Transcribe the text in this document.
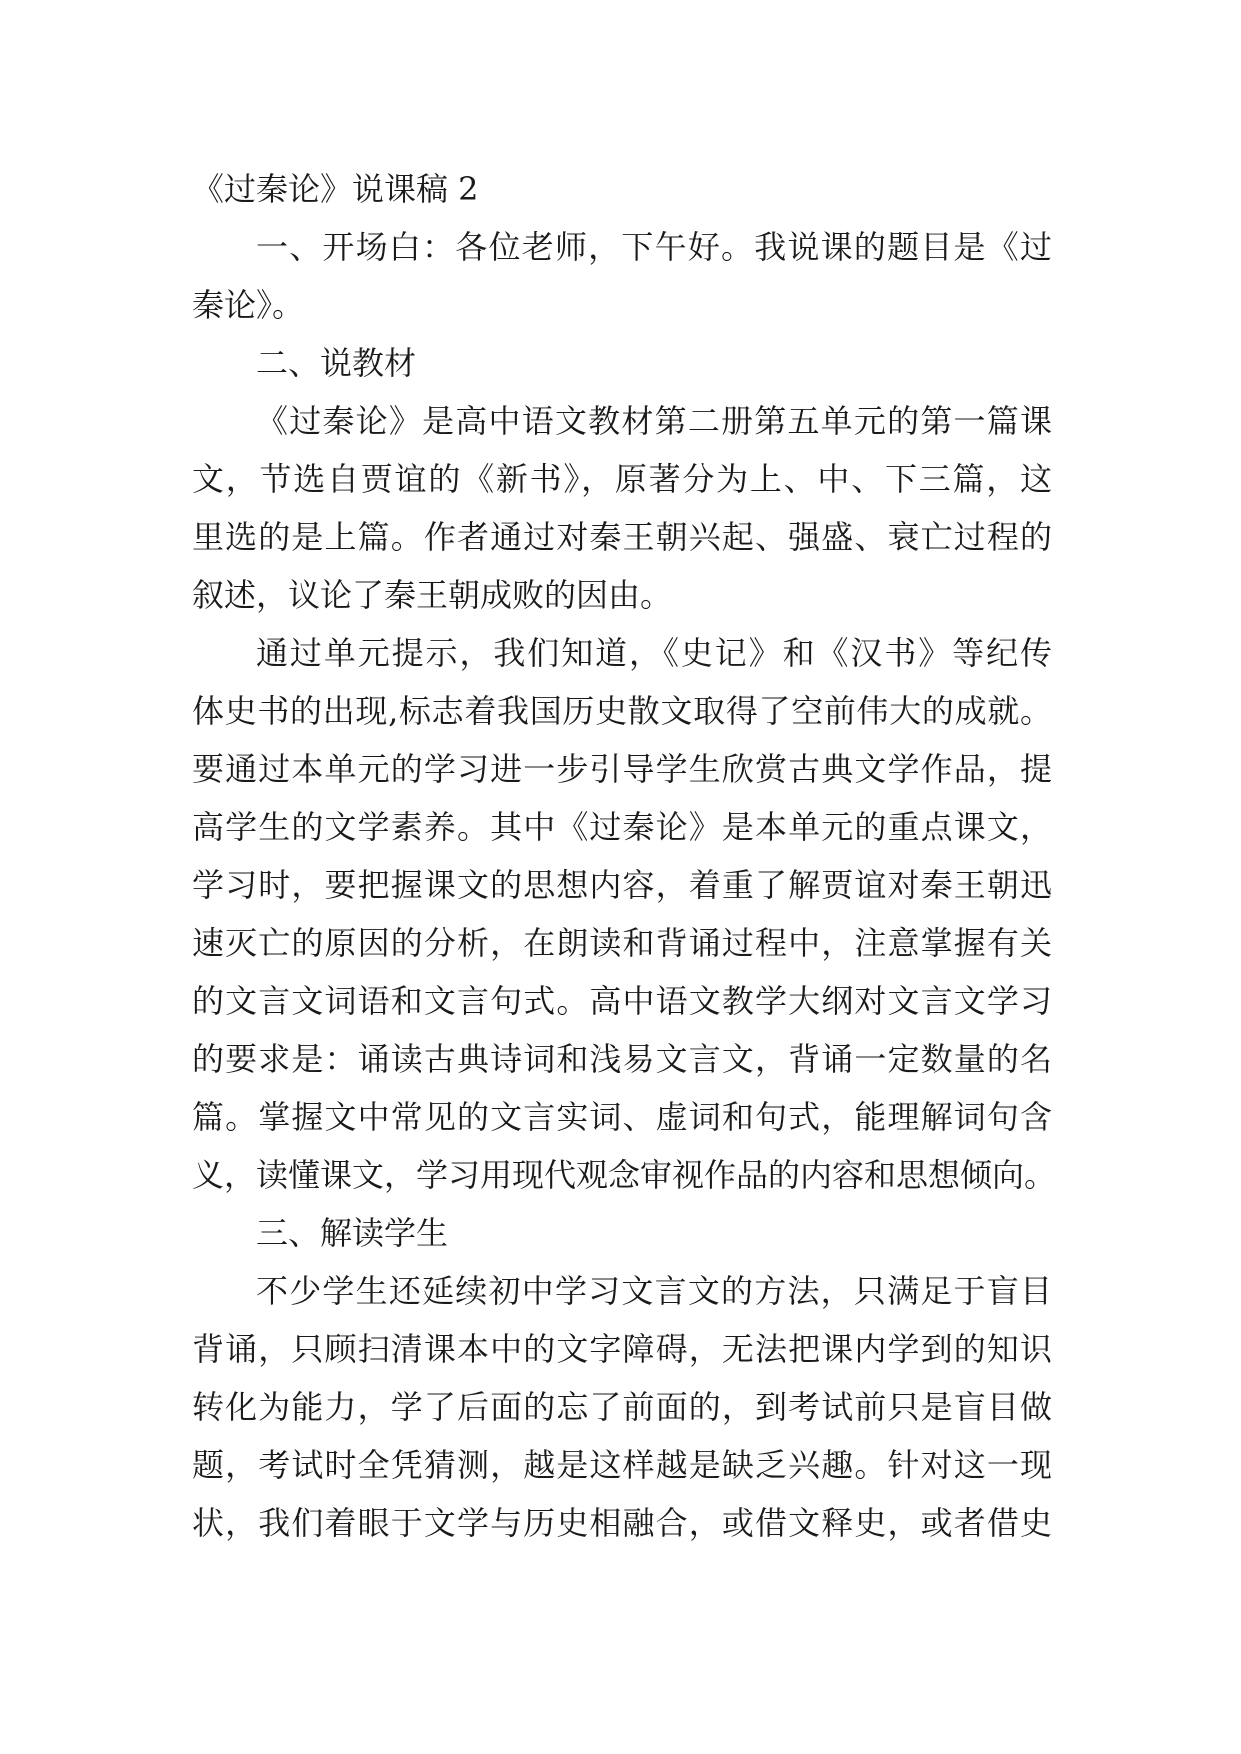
《过秦论》说课稿 2
一、开场白：各位老师，下午好。我说课的题目是《过
秦论》。
二、说教材
《过秦论》是高中语文教材第二册第五单元的第一篇课
文，节选自贾谊的《新书》，原著分为上、中、下三篇，这
里选的是上篇。作者通过对秦王朝兴起、强盛、衰亡过程的
叙述，议论了秦王朝成败的因由。
通过单元提示，我们知道，《史记》和《汉书》等纪传
体史书的出现,标志着我国历史散文取得了空前伟大的成就。
要通过本单元的学习进一步引导学生欣赏古典文学作品，提
高学生的文学素养。其中《过秦论》是本单元的重点课文，
学习时，要把握课文的思想内容，着重了解贾谊对秦王朝迅
速灭亡的原因的分析，在朗读和背诵过程中，注意掌握有关
的文言文词语和文言句式。高中语文教学大纲对文言文学习
的要求是：诵读古典诗词和浅易文言文，背诵一定数量的名
篇。掌握文中常见的文言实词、虚词和句式，能理解词句含
义，读懂课文，学习用现代观念审视作品的内容和思想倾向。
三、解读学生
不少学生还延续初中学习文言文的方法，只满足于盲目
背诵，只顾扫清课本中的文字障碍，无法把课内学到的知识
转化为能力，学了后面的忘了前面的，到考试前只是盲目做
题，考试时全凭猜测，越是这样越是缺乏兴趣。针对这一现
状，我们着眼于文学与历史相融合，或借文释史，或者借史
